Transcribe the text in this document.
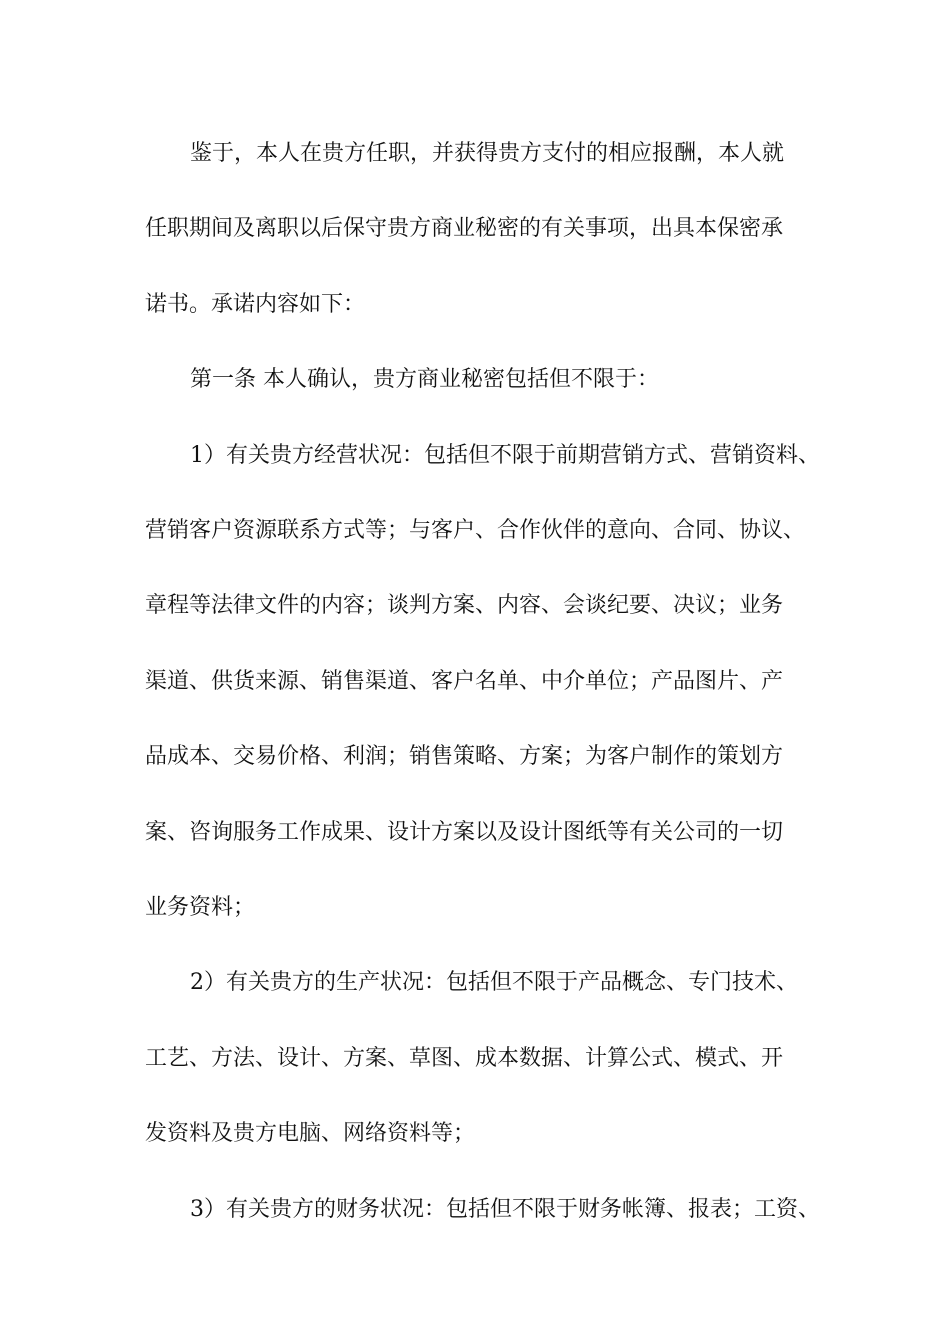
鉴于，本人在贵方任职，并获得贵方支付的相应报酬，本人就
任职期间及离职以后保守贵方商业秘密的有关事项，出具本保密承
诺书。承诺内容如下：
第一条 本人确认，贵方商业秘密包括但不限于：
1）有关贵方经营状况：包括但不限于前期营销方式、营销资料、
营销客户资源联系方式等；与客户、合作伙伴的意向、合同、协议、
章程等法律文件的内容；谈判方案、内容、会谈纪要、决议；业务
渠道、供货来源、销售渠道、客户名单、中介单位；产品图片、产
品成本、交易价格、利润；销售策略、方案；为客户制作的策划方
案、咨询服务工作成果、设计方案以及设计图纸等有关公司的一切
业务资料；
2）有关贵方的生产状况：包括但不限于产品概念、专门技术、
工艺、方法、设计、方案、草图、成本数据、计算公式、模式、开
发资料及贵方电脑、网络资料等；
3）有关贵方的财务状况：包括但不限于财务帐簿、报表；工资、
